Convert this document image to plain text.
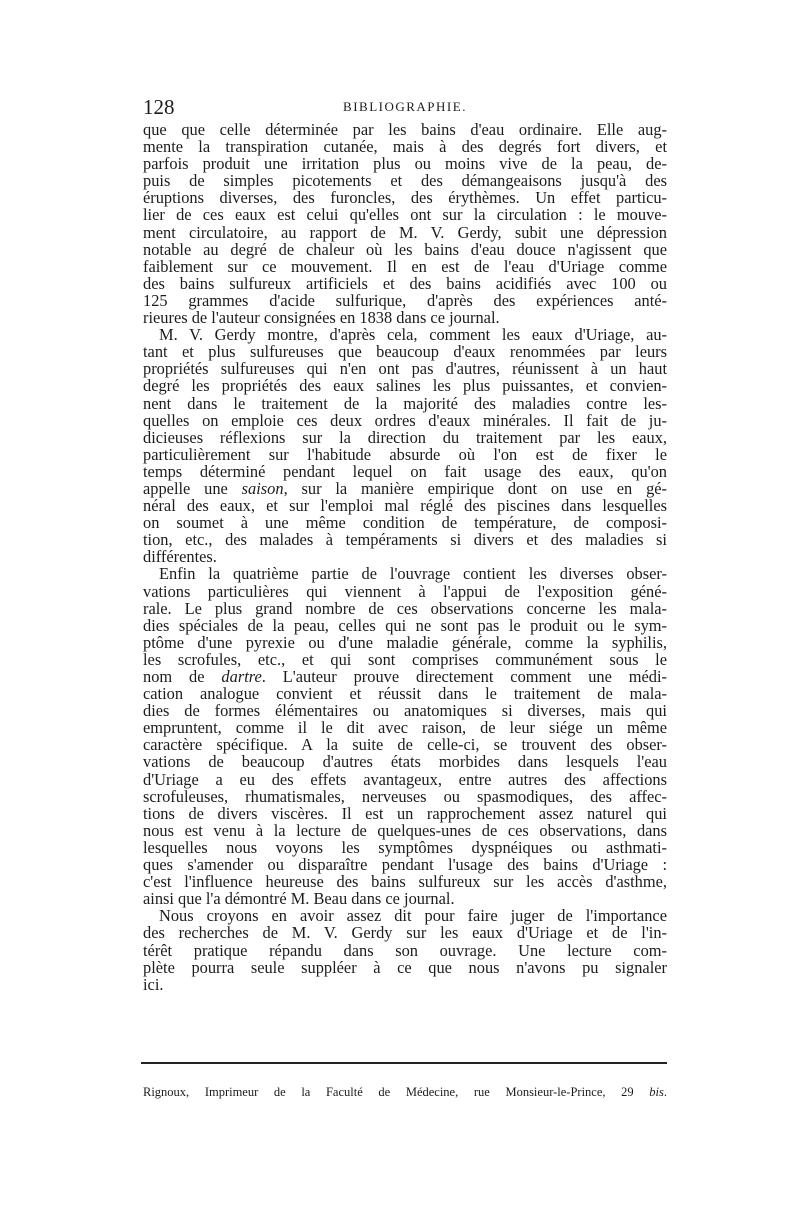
128	BIBLIOGRAPHIE.

que que celle déterminée par les bains d'eau ordinaire. Elle aug-

mente la transpiration cutanée, mais à des degrés fort divers, et

parfois produit une irritation plus ou moins vive de la peau, de-

puis de simples picotements et des démangeaisons jusqu'à des

éruptions diverses, des furoncles, des érythèmes. Un effet particu-

lier de ces eaux est celui qu'elles ont sur la circulation : le mouve-

ment circulatoire, au rapport de M. V. Gerdy, subit une dépression

notable au degré de chaleur où les bains d'eau douce n'agissent que

faiblement sur ce mouvement. Il en est de l'eau d'Uriage comme

des bains sulfureux artificiels et des bains acidifiés avec 100 ou

125 grammes d'acide sulfurique, d'après des expériences anté-

rieures de l'auteur consignées en 1838 dans ce journal.

M. V. Gerdy montre, d'après cela, comment les eaux d'Uriage, au-

tant et plus sulfureuses que beaucoup d'eaux renommées par leurs

propriétés sulfureuses qui n'en ont pas d'autres, réunissent à un haut

degré les propriétés des eaux salines les plus puissantes, et convien-

nent dans le traitement de la majorité des maladies contre les-

quelles on emploie ces deux ordres d'eaux minérales. Il fait de ju-

dicieuses réflexions sur la direction du traitement par les eaux,

particulièrement sur l'habitude absurde où l'on est de fixer le

temps déterminé pendant lequel on fait usage des eaux, qu'on

appelle une saison, sur la manière empirique dont on use en gé-

néral des eaux, et sur l'emploi mal réglé des piscines dans lesquelles

on soumet à une même condition de température, de composi-

tion, etc., des malades à tempéraments si divers et des maladies si

différentes.

Enfin la quatrième partie de l'ouvrage contient les diverses obser-

vations particulières qui viennent à l'appui de l'exposition géné-

rale. Le plus grand nombre de ces observations concerne les mala-

dies spéciales de la peau, celles qui ne sont pas le produit ou le sym-

ptôme d'une pyrexie ou d'une maladie générale, comme la syphilis,

les scrofules, etc., et qui sont comprises communément sous le

nom de dartre. L'auteur prouve directement comment une médi-

cation analogue convient et réussit dans le traitement de mala-

dies de formes élémentaires ou anatomiques si diverses, mais qui

empruntent, comme il le dit avec raison, de leur siége un même

caractère spécifique. A la suite de celle-ci, se trouvent des obser-

vations de beaucoup d'autres états morbides dans lesquels l'eau

d'Uriage a eu des effets avantageux, entre autres des affections

scrofuleuses, rhumatismales, nerveuses ou spasmodiques, des affec-

tions de divers viscères. Il est un rapprochement assez naturel qui

nous est venu à la lecture de quelques-unes de ces observations, dans

lesquelles nous voyons les symptômes dyspnéiques ou asthmati-

ques s'amender ou disparaître pendant l'usage des bains d'Uriage :

c'est l'influence heureuse des bains sulfureux sur les accès d'asthme,

ainsi que l'a démontré M. Beau dans ce journal.

Nous croyons en avoir assez dit pour faire juger de l'importance

des recherches de M. V. Gerdy sur les eaux d'Uriage et de l'in-

térêt pratique répandu dans son ouvrage. Une lecture com-

plète pourra seule suppléer à ce que nous n'avons pu signaler

ici.

Rignoux, Imprimeur de la Faculté de Médecine, rue Monsieur-le-Prince, 29 bis.
